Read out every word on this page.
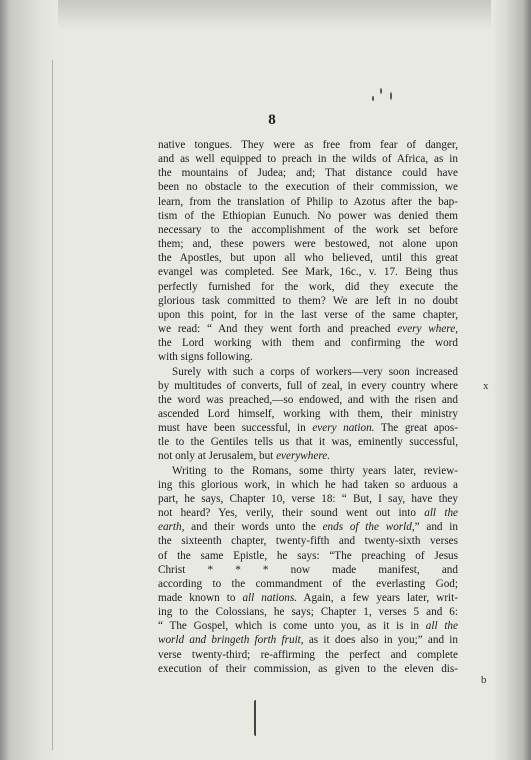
8
native tongues. They were as free from fear of danger,
and as well equipped to preach in the wilds of Africa, as in
the mountains of Judea; and; That distance could have
been no obstacle to the execution of their commission, we
learn, from the translation of Philip to Azotus after the bap-
tism of the Ethiopian Eunuch. No power was denied them
necessary to the accomplishment of the work set before
them; and, these powers were bestowed, not alone upon
the Apostles, but upon all who believed, until this great
evangel was completed. See Mark, 16c., v. 17. Being thus
perfectly furnished for the work, did they execute the
glorious task committed to them? We are left in no doubt
upon this point, for in the last verse of the same chapter,
we read: “ And they went forth and preached every where,
the Lord working with them and confirming the word
with signs following.
Surely with such a corps of workers—very soon increased
by multitudes of converts, full of zeal, in every country where
the word was preached,—so endowed, and with the risen and
ascended Lord himself, working with them, their ministry
must have been successful, in every nation. The great apos-
tle to the Gentiles tells us that it was, eminently successful,
not only at Jerusalem, but everywhere.
Writing to the Romans, some thirty years later, review-
ing this glorious work, in which he had taken so arduous a
part, he says, Chapter 10, verse 18: “ But, I say, have they
not heard? Yes, verily, their sound went out into all the
earth, and their words unto the ends of the world,” and in
the sixteenth chapter, twenty-fifth and twenty-sixth verses
of the same Epistle, he says: “The preaching of Jesus
Christ * * * now made manifest, and
according to the commandment of the everlasting God;
made known to all nations. Again, a few years later, writ-
ing to the Colossians, he says; Chapter 1, verses 5 and 6:
“ The Gospel, which is come unto you, as it is in all the
world and bringeth forth fruit, as it does also in you;” and in
verse twenty-third; re-affirming the perfect and complete
execution of their commission, as given to the eleven dis-
x
b
